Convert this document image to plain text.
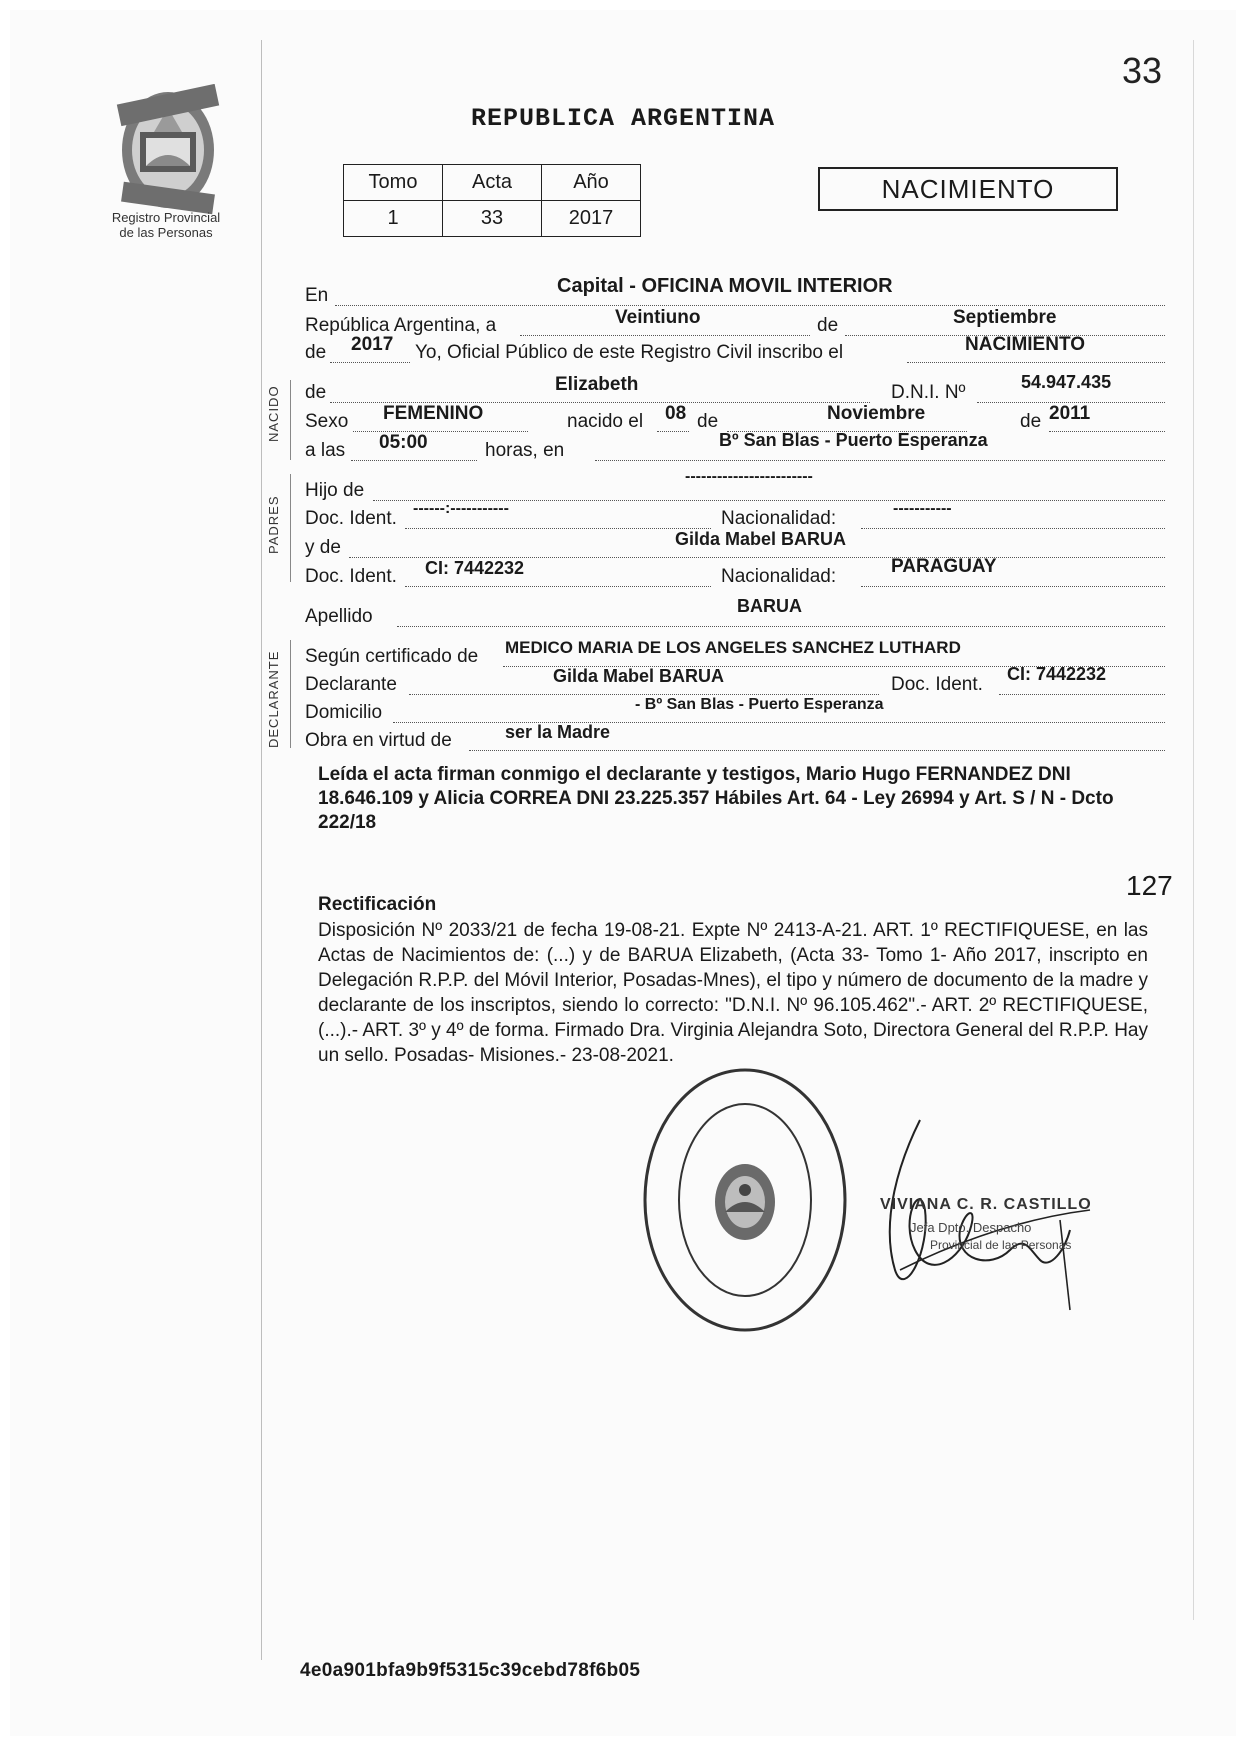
33
Registro Provincial
de las Personas
REPUBLICA ARGENTINA
Tomo	Acta	Año
1	33	2017
NACIMIENTO
NACIDO
PADRES
DECLARANTE
En	Capital - OFICINA MOVIL INTERIOR
República Argentina, a	Veintiuno	de	Septiembre
de 2017 Yo, Oficial Público de este Registro Civil inscribo el	NACIMIENTO
de	Elizabeth	D.N.I. Nº	54.947.435
Sexo FEMENINO	nacido el 08 de	Noviembre	de 2011
a las 05:00	horas, en	Bº San Blas - Puerto Esperanza
Hijo de
------------------------
Doc. Ident. ------:-----------	Nacionalidad:	-----------
y de	Gilda Mabel BARUA
Doc. Ident. CI: 7442232	Nacionalidad:	PARAGUAY
Apellido	BARUA
Según certificado de MEDICO MARIA DE LOS ANGELES SANCHEZ LUTHARD
Declarante	Gilda Mabel BARUA	Doc. Ident. CI: 7442232
Domicilio	- Bº San Blas - Puerto Esperanza
Obra en virtud de	ser la Madre
Leída el acta firman conmigo el declarante y testigos, Mario Hugo FERNANDEZ DNI 18.646.109 y Alicia CORREA DNI 23.225.357 Hábiles Art. 64 - Ley 26994 y Art. S / N - Dcto 222/18
127
Rectificación
Disposición Nº 2033/21 de fecha 19-08-21. Expte Nº 2413-A-21. ART. 1º RECTIFIQUESE, en las Actas de Nacimientos de: (...) y de BARUA Elizabeth, (Acta 33- Tomo 1- Año 2017, inscripto en Delegación R.P.P. del Móvil Interior, Posadas-Mnes), el tipo y número de documento de la madre y declarante de los inscriptos, siendo lo correcto: "D.N.I. Nº 96.105.462".- ART. 2º RECTIFIQUESE, (...).- ART. 3º y 4º de forma. Firmado Dra. Virginia Alejandra Soto, Directora General del R.P.P. Hay un sello. Posadas- Misiones.- 23-08-2021.
VIVIANA C. R. CASTILLO
Jefa Dpto. Despacho
Provincial de las Personas
4e0a901bfa9b9f5315c39cebd78f6b05
